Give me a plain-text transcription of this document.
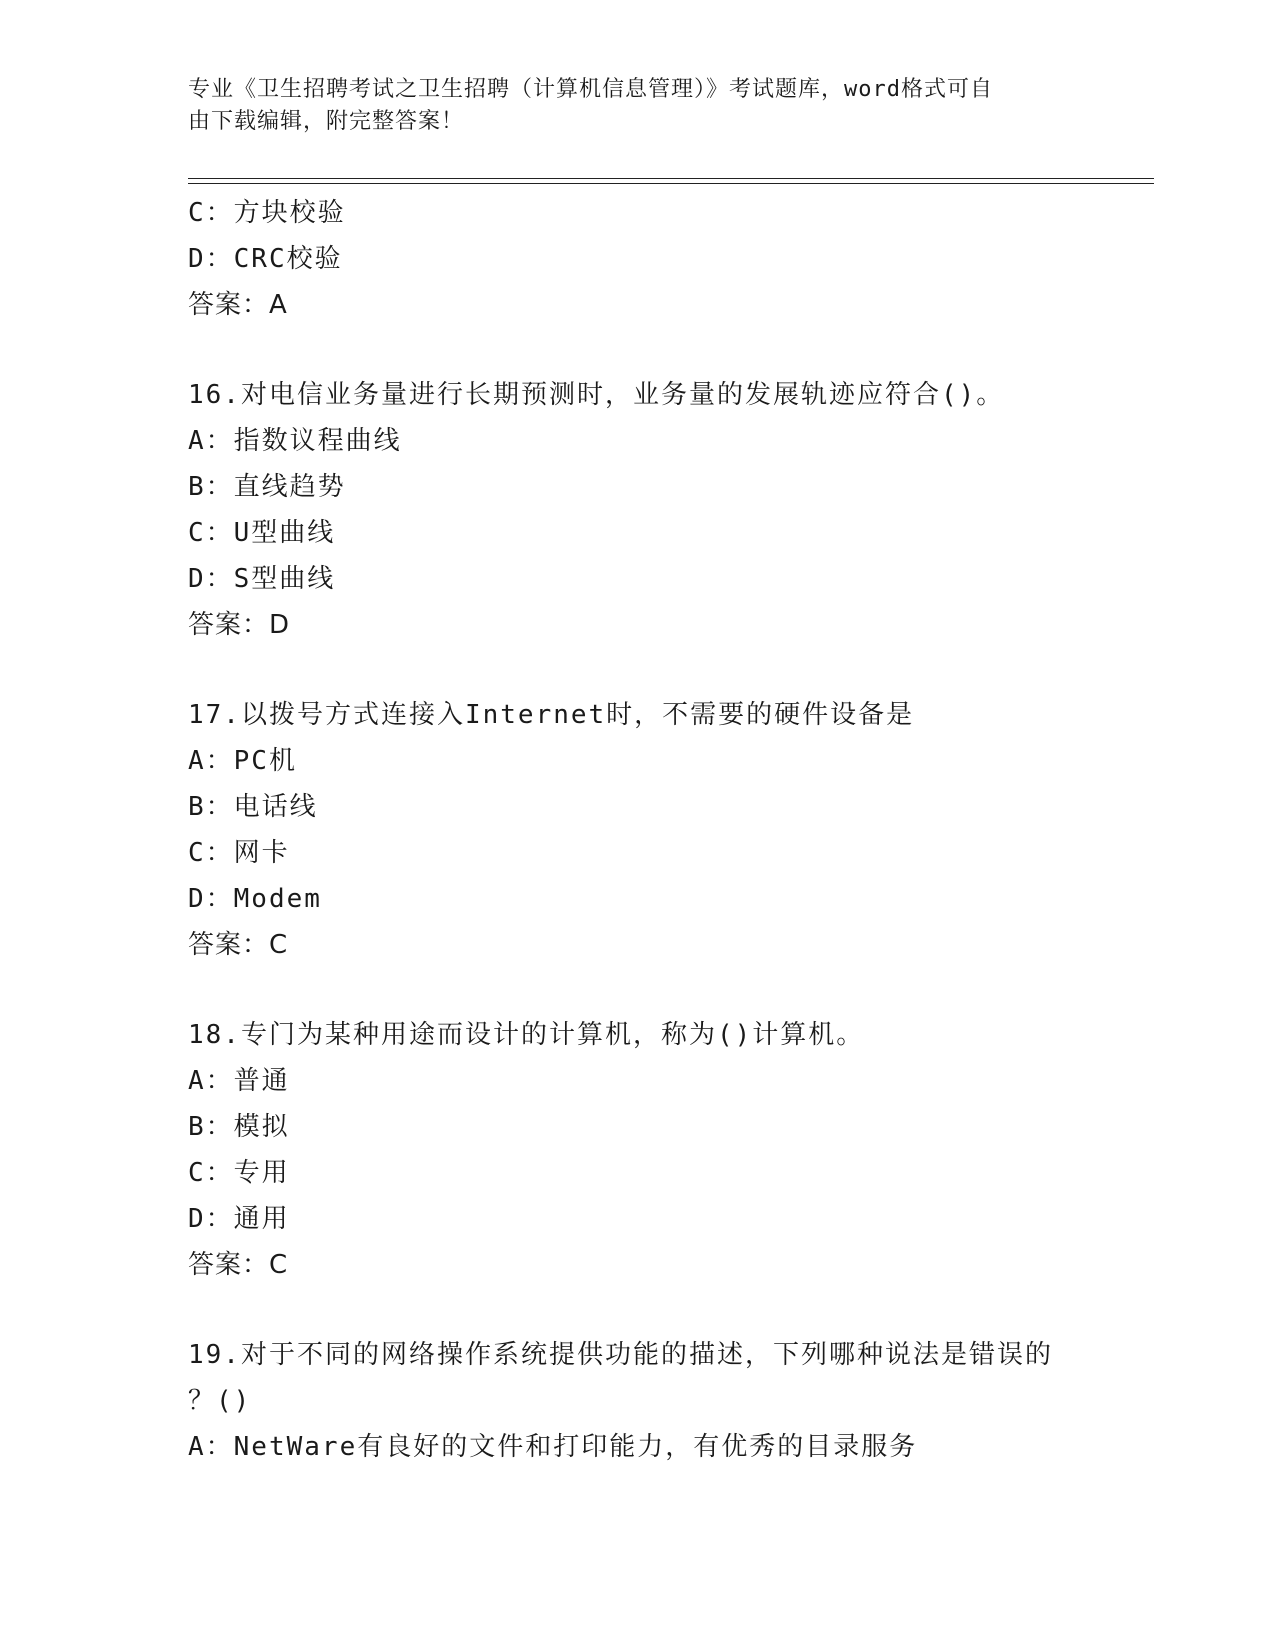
专业《卫生招聘考试之卫生招聘（计算机信息管理）》考试题库，word格式可自
由下载编辑，附完整答案！
C：方块校验
D：CRC校验
答案：A
16.对电信业务量进行长期预测时，业务量的发展轨迹应符合()。
A：指数议程曲线
B：直线趋势
C：U型曲线
D：S型曲线
答案：D
17.以拨号方式连接入Internet时，不需要的硬件设备是
A：PC机
B：电话线
C：网卡
D：Modem
答案：C
18.专门为某种用途而设计的计算机，称为()计算机。
A：普通
B：模拟
C：专用
D：通用
答案：C
19.对于不同的网络操作系统提供功能的描述，下列哪种说法是错误的
？()
A：NetWare有良好的文件和打印能力，有优秀的目录服务
